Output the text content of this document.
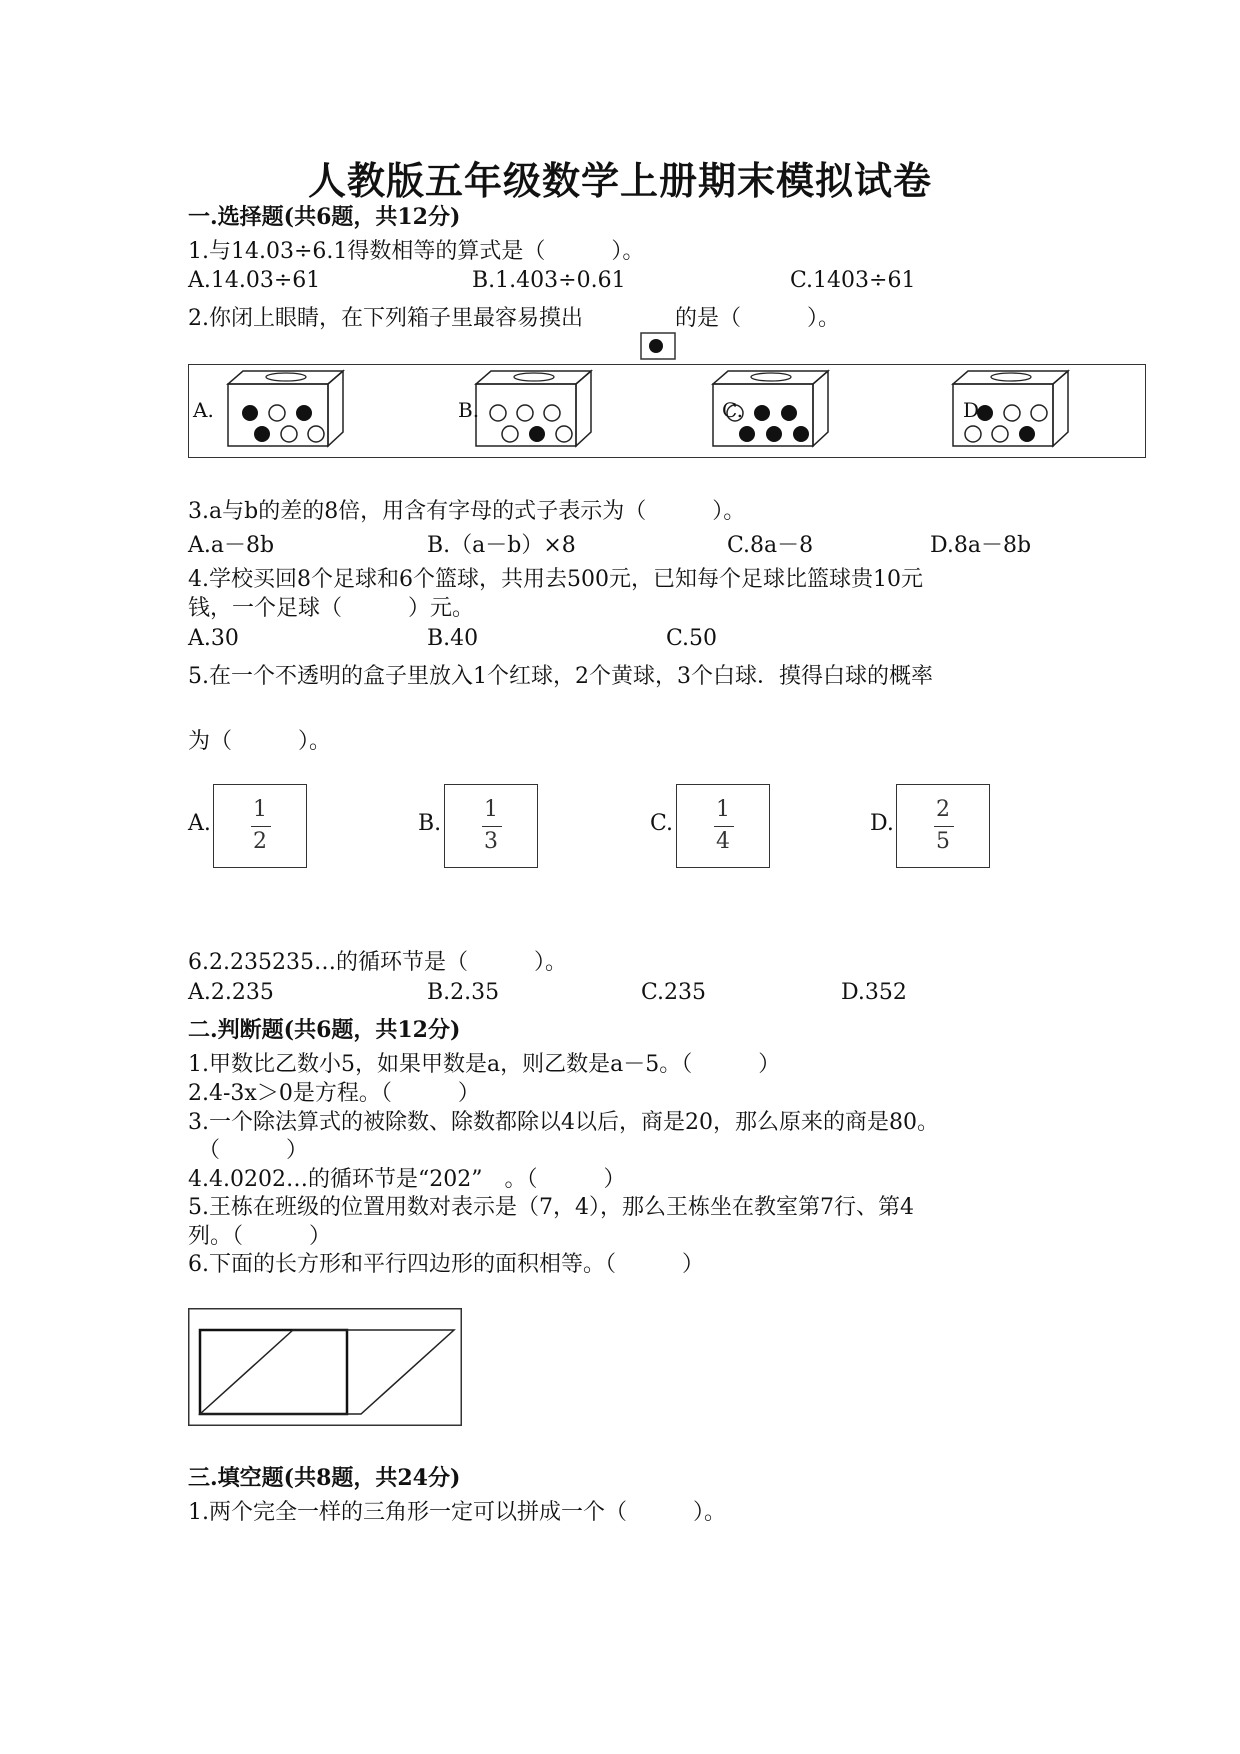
人教版五年级数学上册期末模拟试卷
一.选择题(共6题，共12分)
1.与14.03÷6.1得数相等的算式是（　　　）。
A.14.03÷61	B.1.403÷0.61	C.1403÷61
2.你闭上眼睛，在下列箱子里最容易摸出	的是（　　　）。
A.	B.	C.	D.
3.a与b的差的8倍，用含有字母的式子表示为（　　　）。
A.a－8b	B.（a－b）×8	C.8a－8	D.8a－8b
4.学校买回8个足球和6个篮球，共用去500元，已知每个足球比篮球贵10元
钱，一个足球（　　　）元。
A.30	B.40	C.50
5.在一个不透明的盒子里放入1个红球，2个黄球，3个白球．摸得白球的概率
为（　　　）。
A.
1
2
B.
1
3
C.
1
4
D.
2
5
6.2.235235…的循环节是（　　　）。
A.2.235	B.2.35	C.235	D.352
二.判断题(共6题，共12分)
1.甲数比乙数小5，如果甲数是a，则乙数是a－5。（　　　）
2.4-3x＞0是方程。（　　　）
3.一个除法算式的被除数、除数都除以4以后，商是20，那么原来的商是80。
（　　　）
4.4.0202…的循环节是“202”　。（　　　）
5.王栋在班级的位置用数对表示是（7，4），那么王栋坐在教室第7行、第4
列。（　　　）
6.下面的长方形和平行四边形的面积相等。（　　　）
三.填空题(共8题，共24分)
1.两个完全一样的三角形一定可以拼成一个（　　　）。
